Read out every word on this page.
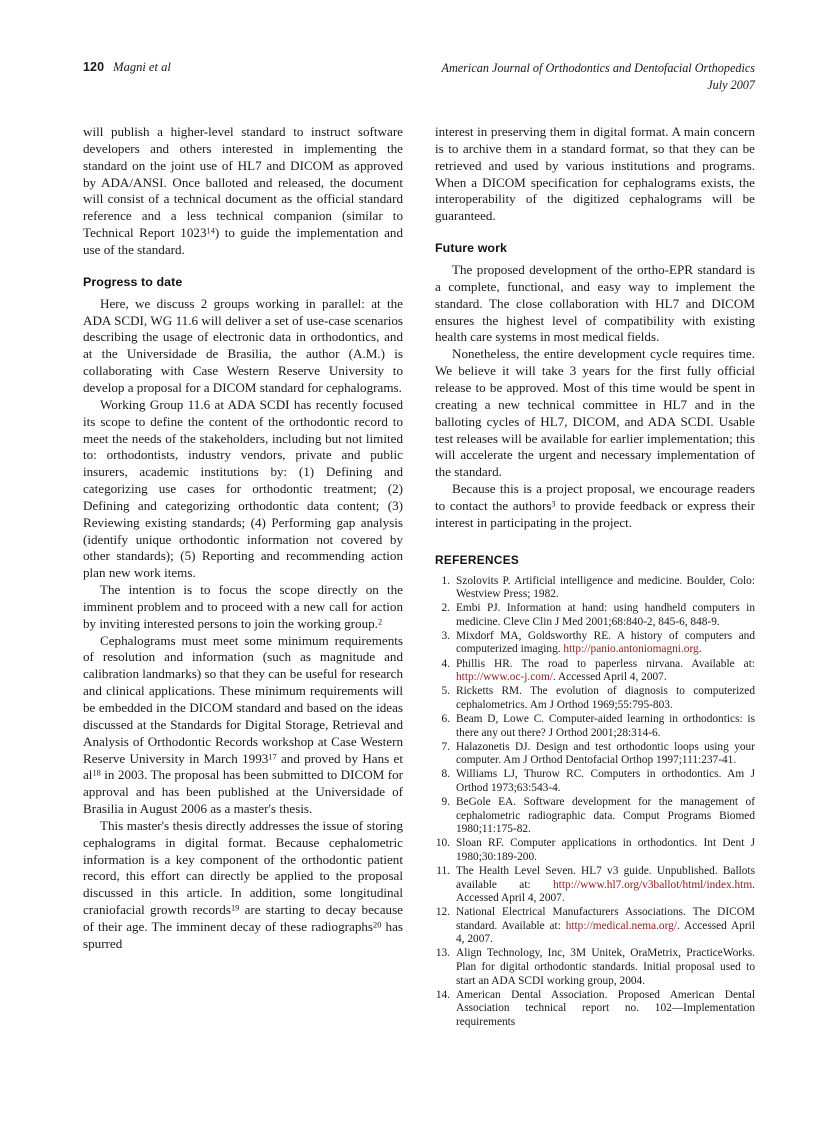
120 Magni et al	American Journal of Orthodontics and Dentofacial Orthopedics
July 2007

will publish a higher-level standard to instruct software developers and others interested in implementing the standard on the joint use of HL7 and DICOM as approved by ADA/ANSI. Once balloted and released, the document will consist of a technical document as the official standard reference and a less technical companion (similar to Technical Report 1023$^{14}$) to guide the implementation and use of the standard.

Progress to date

Here, we discuss 2 groups working in parallel: at the ADA SCDI, WG 11.6 will deliver a set of use-case scenarios describing the usage of electronic data in orthodontics, and at the Universidade de Brasilia, the author (A.M.) is collaborating with Case Western Reserve University to develop a proposal for a DICOM standard for cephalograms.

Working Group 11.6 at ADA SCDI has recently focused its scope to define the content of the orthodontic record to meet the needs of the stakeholders, including but not limited to: orthodontists, industry vendors, private and public insurers, academic institutions by: (1) Defining and categorizing use cases for orthodontic treatment; (2) Defining and categorizing orthodontic data content; (3) Reviewing existing standards; (4) Performing gap analysis (identify unique orthodontic information not covered by other standards); (5) Reporting and recommending action plan new work items.

The intention is to focus the scope directly on the imminent problem and to proceed with a new call for action by inviting interested persons to join the working group.$^2$

Cephalograms must meet some minimum requirements of resolution and information (such as magnitude and calibration landmarks) so that they can be useful for research and clinical applications. These minimum requirements will be embedded in the DICOM standard and based on the ideas discussed at the Standards for Digital Storage, Retrieval and Analysis of Orthodontic Records workshop at Case Western Reserve University in March 1993$^{17}$ and proved by Hans et $al^{18}$ in 2003. The proposal has been submitted to DICOM for approval and has been published at the Universidade of Brasilia in August 2006 as a master's thesis.

This master's thesis directly addresses the issue of storing cephalograms in digital format. Because cephalometric information is a key component of the orthodontic patient record, this effort can directly be applied to the proposal discussed in this article. In addition, some longitudinal craniofacial growth records$^{19}$ are starting to decay because of their age. The imminent decay of these radiographs$^{20}$ has spurred

interest in preserving them in digital format. A main concern is to archive them in a standard format, so that they can be retrieved and used by various institutions and programs. When a DICOM specification for cephalograms exists, the interoperability of the digitized cephalograms will be guaranteed.

Future work

The proposed development of the ortho-EPR standard is a complete, functional, and easy way to implement the standard. The close collaboration with HL7 and DICOM ensures the highest level of compatibility with existing health care systems in most medical fields.

Nonetheless, the entire development cycle requires time. We believe it will take 3 years for the first fully official release to be approved. Most of this time would be spent in creating a new technical committee in HL7 and in the balloting cycles of HL7, DICOM, and ADA SCDI. Usable test releases will be available for earlier implementation; this will accelerate the urgent and necessary implementation of the standard.

Because this is a project proposal, we encourage readers to contact the authors$^3$ to provide feedback or express their interest in participating in the project.

REFERENCES
1. Szolovits P. Artificial intelligence and medicine. Boulder, Colo: Westview Press; 1982.
2. Embi PJ. Information at hand: using handheld computers in medicine. Cleve Clin J Med 2001;68:840-2, 845-6, 848-9.
3. Mixdorf MA, Goldsworthy RE. A history of computers and computerized imaging. http://panio.antoniomagni.org.
4. Phillis HR. The road to paperless nirvana. Available at: http://www.oc-j.com/. Accessed April 4, 2007.
5. Ricketts RM. The evolution of diagnosis to computerized cephalometrics. Am J Orthod 1969;55:795-803.
6. Beam D, Lowe C. Computer-aided learning in orthodontics: is there any out there? J Orthod 2001;28:314-6.
7. Halazonetis DJ. Design and test orthodontic loops using your computer. Am J Orthod Dentofacial Orthop 1997;111:237-41.
8. Williams LJ, Thurow RC. Computers in orthodontics. Am J Orthod 1973;63:543-4.
9. BeGole EA. Software development for the management of cephalometric radiographic data. Comput Programs Biomed 1980;11:175-82.
10. Sloan RF. Computer applications in orthodontics. Int Dent J 1980;30:189-200.
11. The Health Level Seven. HL7 v3 guide. Unpublished. Ballots available at: http://www.hl7.org/v3ballot/html/index.htm. Accessed April 4, 2007.
12. National Electrical Manufacturers Associations. The DICOM standard. Available at: http://medical.nema.org/. Accessed April 4, 2007.
13. Align Technology, Inc, 3M Unitek, OraMetrix, PracticeWorks. Plan for digital orthodontic standards. Initial proposal used to start an ADA SCDI working group, 2004.
14. American Dental Association. Proposed American Dental Association technical report no. 102—Implementation requirements
